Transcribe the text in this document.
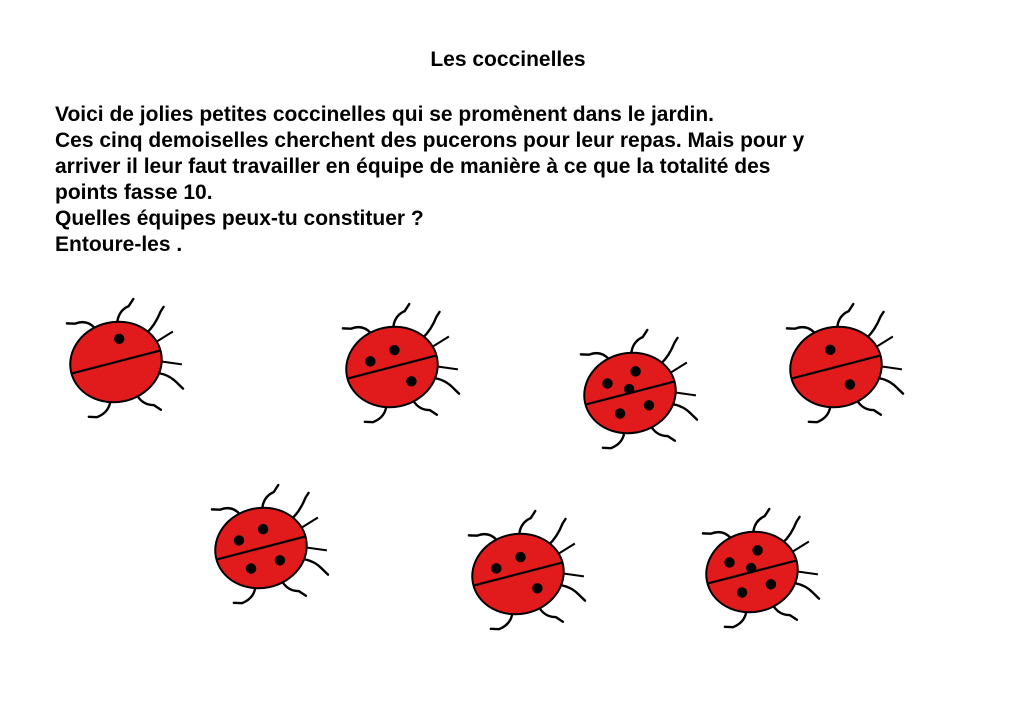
Les coccinelles
Voici de jolies petites coccinelles qui se promènent dans le jardin.
Ces cinq demoiselles cherchent des pucerons pour leur repas. Mais pour y
arriver il leur faut travailler en équipe de manière à ce que la totalité des
points fasse 10.
Quelles équipes peux-tu constituer ?
Entoure-les .
